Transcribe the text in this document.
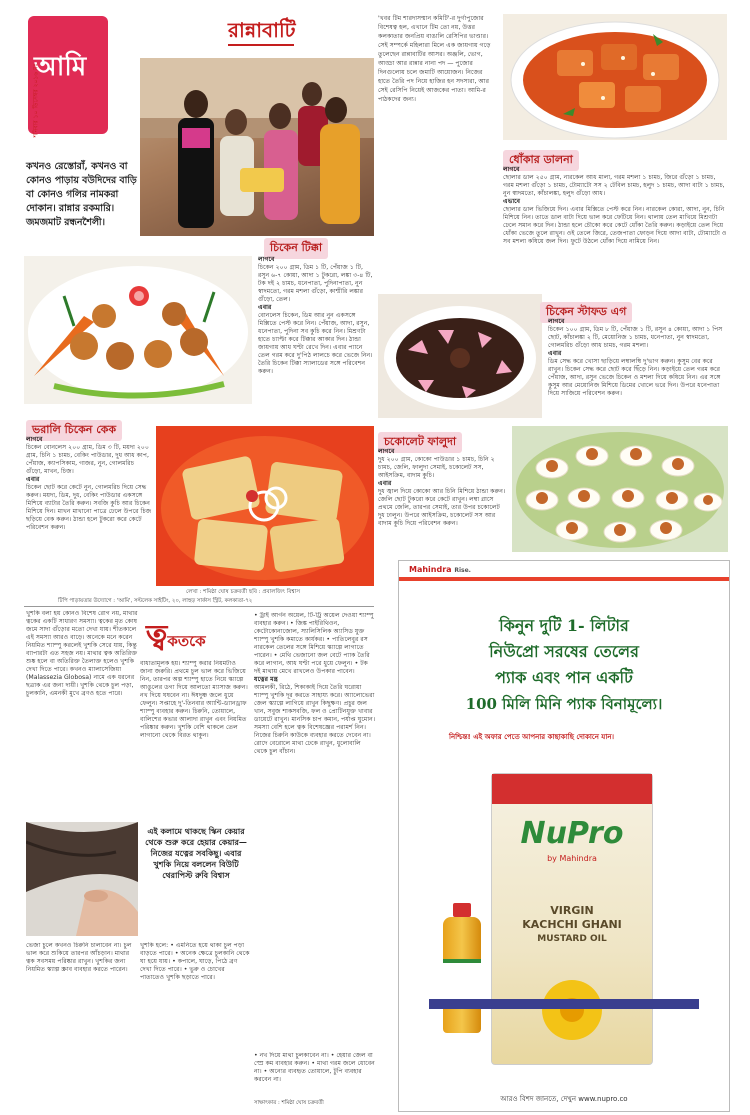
আমি
শনিবার ১০ ডিসেম্বর ২০১৬ মঃ
রান্নাবাটি
কখনও রেস্তোরাঁ, কখনও বা কোনও পাড়ায় বউদিদের বাড়ি বা কোনও গলির নামকরা দোকান। রান্নার রকমারি। জমজমাট রন্ধনশৈলী।
'খবর টিম শারদাসম্মান কমিটি'-র দুর্গাপুজোর বিশেষত্ব হল, এখানে টিম তো নয়, উত্তর কলকাতার জনপ্রিয় বাঙালি রেসিপির ভাণ্ডার। সেই সম্পর্কে মহিলারা মিলে এক জায়গায় গড়ে তুলেছেন রান্নাবাটির আসর। অঞ্জলি, ভোগ, আড্ডা আর রান্নার নানা পদ — পুজোর দিনগুলোয় চলে জমাটি আয়োজন। নিজের হাতে তৈরি পদ নিয়ে হাজির হন সদস্যরা, আর সেই রেসিপি নিয়েই আজকের পাতা। আমি-র পাঠকদের জন্য।
ধোঁকার ডালনা
লাগবে
ছোলার ডাল ২৫০ গ্রাম, নারকেল আধ মালা, গরম মশলা ১ চামচ, জিরে গুঁড়ো ১ চামচ, গরম মশলা গুঁড়ো ১ চামচ, টোম্যাটো সস ২ টেবিল চামচ, হলুদ ১ চামচ, আদা বাটা ১ চামচ, নুন স্বাদমতো, কাঁচালঙ্কা, হলুদ গুঁড়ো আধ।
এভাবে
ছোলার ডাল ভিজিয়ে দিন। এবার মিক্সিতে পেস্ট করে নিন। নারকেল কোরা, আদা, নুন, চিনি মিশিয়ে নিন। তাতে ডাল বাটা দিয়ে ভাল করে ফেটিয়ে নিন। থালায় তেল মাখিয়ে মিশ্রণটা ঢেলে সমান করে দিন। ঠান্ডা হলে চৌকো করে কেটে ধোঁকা তৈরি করুন। কড়াইয়ে তেল দিয়ে ধোঁকা ভেজে তুলে রাখুন। ওই তেলে জিরে, তেজপাতা ফোড়ন দিয়ে আদা বাটা, টোম্যাটো ও সব মশলা কষিয়ে জল দিন। ফুটে উঠলে ধোঁকা দিয়ে নামিয়ে নিন।
চিকেন টিক্কা
লাগবে
চিকেন ২০০ গ্রাম, ডিম ১ টি, পেঁয়াজ ১ টি, রসুন ৬-৭ কোয়া, আদা ১ টুকরো, লঙ্কা ৩-৪ টি, টক দই ২ চামচ, ধনেপাতা, পুদিনাপাতা, নুন স্বাদমতো, গরম মশলা গুঁড়ো, কাশ্মীরি লঙ্কার গুঁড়ো, তেল।
এবার
বোনলেস চিকেন, ডিম আর নুন একসঙ্গে মিক্সিতে পেস্ট করে নিন। পেঁয়াজ, আদা, রসুন, ধনেপাতা, পুদিনা সব কুচি করে নিন। মিশ্রণটা হাতে চ্যাপ্টা করে টিক্কার আকার দিন। ঠান্ডা জায়গায় আধ ঘণ্টা রেখে দিন। এবার প্যানে তেল গরম করে দু'পিঠ লালচে করে ভেজে নিন। তৈরি চিকেন টিক্কা স্যালাডের সঙ্গে পরিবেশন করুন।
চিকেন স্টাফড এগ
লাগবে
চিকেন ১০০ গ্রাম, ডিম ৮ টি, পেঁয়াজ ১ টি, রসুন ৪ কোয়া, আদা ১ পিস ছোট, কাঁচালঙ্কা ২ টি, মেয়োনিজ ১ চামচ, ধনেপাতা, নুন স্বাদমতো, গোলমরিচ গুঁড়ো আধ চামচ, গরম মশলা।
এবার
ডিম সেদ্ধ করে খোসা ছাড়িয়ে লম্বালম্বি দু'ভাগ করুন। কুসুম বের করে রাখুন। চিকেন সেদ্ধ করে ছোট করে ছিঁড়ে নিন। কড়াইয়ে তেল গরম করে পেঁয়াজ, আদা, রসুন ভেজে চিকেন ও মশলা দিয়ে কষিয়ে নিন। এর সঙ্গে কুসুম আর মেয়োনিজ মিশিয়ে ডিমের খোলে ভরে দিন। উপরে ধনেপাতা দিয়ে সাজিয়ে পরিবেশন করুন।
ভরালি চিকেন কেক
লাগবে
চিকেন বোনলেস ২০০ গ্রাম, ডিম ৩ টি, ময়দা ২০০ গ্রাম, চিনি ১ চামচ, বেকিং পাউডার, দুধ আধ কাপ, পেঁয়াজ, ক্যাপসিকাম, গাজর, নুন, গোলমরিচ গুঁড়ো, মাখন, চিজ।
এবার
চিকেন ছোট করে কেটে নুন, গোলমরিচ দিয়ে সেদ্ধ করুন। ময়দা, ডিম, দুধ, বেকিং পাউডার একসঙ্গে মিশিয়ে ব্যাটার তৈরি করুন। সবজি কুচি আর চিকেন মিশিয়ে দিন। মাখন মাখানো পাত্রে ঢেলে উপরে চিজ ছড়িয়ে বেক করুন। ঠান্ডা হলে টুকরো করে কেটে পরিবেশন করুন।
চকোলেট ফালুদা
লাগবে
দুধ ২০০ গ্রাম, কোকো পাউডার ১ চামচ, চিনি ২ চামচ, জেলি, ফালুদা সেমাই, চকোলেট সস, আইসক্রিম, বাদাম কুচি।
এবার
দুধ জ্বাল দিয়ে কোকো আর চিনি মিশিয়ে ঠান্ডা করুন। জেলি ছোট টুকরো করে কেটে রাখুন। লম্বা গ্লাসে প্রথমে জেলি, তারপর সেমাই, তার উপর চকোলেট দুধ ঢালুন। উপরে আইসক্রিম, চকোলেট সস আর বাদাম কুচি দিয়ে পরিবেশন করুন।
লেখা : শমিষ্ঠা ঘোষ চক্রবর্তী ছবি : প্রবালজিৎ বিশ্বাস
টিপি পাড়ায়তার উদ্যোগে : 'আমি', সল্টলেক সাইটিং, ২০, লাহুড় সার্কাস স্ট্রিট, কলকাতা-৭২
খুশকি বলা হয় কোনও বিশেষ রোগ নয়, মাথার ত্বকের একটি সাধারণ সমস্যা। ত্বকের মৃত কোষ জমে সাদা গুঁড়োর মতো দেখা যায়। শীতকালে এই সমস্যা আরও বাড়ে। অনেকে মনে করেন নিয়মিত শ্যাম্পু করলেই খুশকি সেরে যায়, কিন্তু ব্যাপারটা এত সহজ নয়। মাথার ত্বক অতিরিক্ত শুষ্ক হলে বা অতিরিক্ত তৈলাক্ত হলেও খুশকি দেখা দিতে পারে। কখনও ম্যালাসেজিয়া (Malassezia Globosa) নামে এক ধরনের ছত্রাক এর জন্য দায়ী। খুশকি থেকে চুল পড়া, চুলকানি, এমনকী মুখে ব্রণও হতে পারে।
ত্বকতকে
বাধ্যতামূলক হয়। শ্যাম্পু করার নিয়মটাও জানা জরুরি। প্রথমে চুল ভাল করে ভিজিয়ে নিন, তারপর অল্প শ্যাম্পু হাতে নিয়ে স্ক্যাল্পে আঙুলের ডগা দিয়ে আলতো ম্যাসাজ করুন। নখ দিয়ে ঘষবেন না। ঈষদুষ্ণ জলে ধুয়ে ফেলুন। সপ্তাহে দু'-তিনবার অ্যান্টি-ড্যানড্রাফ শ্যাম্পু ব্যবহার করুন। চিরুনি, তোয়ালে, বালিশের কভার আলাদা রাখুন এবং নিয়মিত পরিষ্কার করুন। খুশকি বেশি থাকলে তেল লাগানো থেকে বিরত থাকুন।
• ট্রাই আর্গন অয়েল, টি-ট্রি অয়েল দেওয়া শ্যাম্পু ব্যবহার করুন। • জিঙ্ক পাইরিথিওন, কেটোকোনাজোল, স্যালিসিলিক অ্যাসিড যুক্ত শ্যাম্পু খুশকি কমাতে কার্যকর। • পাতিলেবুর রস নারকেল তেলের সঙ্গে মিশিয়ে স্ক্যাল্পে লাগাতে পারেন। • মেথি ভেজানো জল বেটে প্যাক তৈরি করে লাগান, আধ ঘণ্টা পরে ধুয়ে ফেলুন। • টক দই মাথায় মেখে রাখলেও উপকার পাবেন।
যত্নের মন্ত্র
আমলকী, রিঠে, শিকাকাই দিয়ে তৈরি ঘরোয়া শ্যাম্পু খুশকি দূর করতে সাহায্য করে। অ্যালোভেরা জেল স্ক্যাল্পে লাগিয়ে রাখুন কিছুক্ষণ। প্রচুর জল খান, সবুজ শাকসবজি, ফল ও প্রোটিনযুক্ত খাবার ডায়েটে রাখুন। মানসিক চাপ কমান, পর্যাপ্ত ঘুমোন। সমস্যা বেশি হলে ত্বক বিশেষজ্ঞের পরামর্শ নিন। নিজের চিরুনি কাউকে ব্যবহার করতে দেবেন না। রোদে বেরোলে মাথা ঢেকে রাখুন, ধুলোবালি থেকে চুল বাঁচান।
এই কলামে থাকছে স্কিন কেয়ার থেকে শুরু করে হেয়ার কেয়ার—নিজের যত্নের সবকিছু। এবার খুশকি নিয়ে বললেন বিউটি থেরাপিস্ট রুবি বিশ্বাস
ভেজা চুলে কখনও চিরুনি চালাবেন না। চুল ভাল করে শুকিয়ে তারপর আঁচড়ান। মাথার ত্বক সবসময় পরিষ্কার রাখুন। খুশকির জন্য নিয়মিত স্ক্যাল্প স্ক্রাব ব্যবহার করতে পারেন।
খুশকি হলে: • এমনিতে হয়ে থাকা চুল পড়া বাড়তে পারে। • অনেক ক্ষেত্রে চুলকানি থেকে ঘা হয়ে যায়। • কপালে, ঘাড়ে, পিঠে ব্রণ দেখা দিতে পারে। • ভুরু ও চোখের পাতাতেও খুশকি ছড়াতে পারে।
• নখ দিয়ে মাথা চুলকাবেন না। • হেয়ার জেল বা স্প্রে কম ব্যবহার করুন। • মাথা গরম জলে ধোবেন না। • অন্যের ব্যবহৃত তোয়ালে, টুপি ব্যবহার করবেন না।
সাক্ষাৎকার : শমিষ্ঠা ঘোষ চক্রবর্তী
Mahindra Rise.
কিনুন দুটি 1- লিটার
নিউপ্রো সরষের তেলের
প্যাক এবং পান একটি
100 মিলি মিনি প্যাক বিনামূল্যে।
নিশ্চিন্ত! এই অফার পেতে আপনার কাছাকাছি দোকানে যান।
NuPro
by Mahindra
VIRGIN
KACHCHI GHANI
MUSTARD OIL
আরও বিশদ জানতে, দেখুন www.nupro.co
